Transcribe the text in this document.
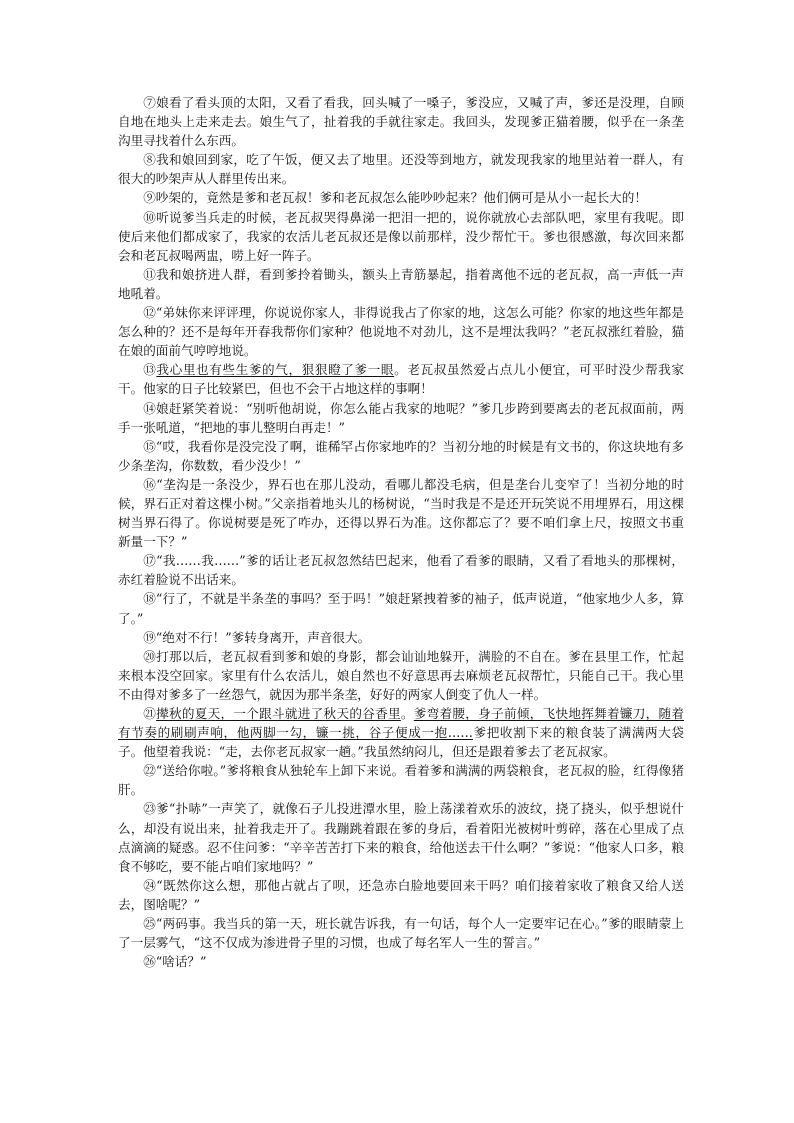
⑦娘看了看头顶的太阳，又看了看我，回头喊了一嗓子，爹没应，又喊了声，爹还是没理，自顾自地在地头上走来走去。娘生气了，扯着我的手就往家走。我回头，发现爹正猫着腰，似乎在一条垄沟里寻找着什么东西。

⑧我和娘回到家，吃了午饭，便又去了地里。还没等到地方，就发现我家的地里站着一群人，有很大的吵架声从人群里传出来。

⑨吵架的，竟然是爹和老瓦叔！爹和老瓦叔怎么能吵吵起来？他们俩可是从小一起长大的！

⑩听说爹当兵走的时候，老瓦叔哭得鼻涕一把泪一把的，说你就放心去部队吧，家里有我呢。即使后来他们都成家了，我家的农活儿老瓦叔还是像以前那样，没少帮忙干。爹也很感激，每次回来都会和老瓦叔喝两盅，唠上好一阵子。

⑪我和娘挤进人群，看到爹拎着锄头，额头上青筋暴起，指着离他不远的老瓦叔，高一声低一声地吼着。

⑫“弟妹你来评评理，你说说你家人，非得说我占了你家的地，这怎么可能？你家的地这些年都是怎么种的？还不是每年开春我帮你们家种？他说地不对劲儿，这不是埋汰我吗？”老瓦叔涨红着脸，猫在娘的面前气哼哼地说。

⑬我心里也有些生爹的气，狠狠瞪了爹一眼。老瓦叔虽然爱占点儿小便宜，可平时没少帮我家干。他家的日子比较紧巴，但也不会干占地这样的事啊！

⑭娘赶紧笑着说：“别听他胡说，你怎么能占我家的地呢？”爹几步跨到要离去的老瓦叔面前，两手一张吼道，“把地的事儿整明白再走！”

⑮“哎，我看你是没完没了啊，谁稀罕占你家地咋的？当初分地的时候是有文书的，你这块地有多少条垄沟，你数数，看少没少！”

⑯“垄沟是一条没少，界石也在那儿没动，看哪儿都没毛病，但是垄台儿变窄了！当初分地的时候，界石正对着这棵小树。”父亲指着地头儿的杨树说，“当时我是不是还开玩笑说不用埋界石，用这棵树当界石得了。你说树要是死了咋办，还得以界石为准。这你都忘了？要不咱们拿上尺，按照文书重新量一下？”

⑰“我……我……”爹的话让老瓦叔忽然结巴起来，他看了看爹的眼睛，又看了看地头的那棵树，赤红着脸说不出话来。

⑱“行了，不就是半条垄的事吗？至于吗！”娘赶紧拽着爹的袖子，低声说道，“他家地少人多，算了。”

⑲“绝对不行！”爹转身离开，声音很大。

⑳打那以后，老瓦叔看到爹和娘的身影，都会讪讪地躲开，满脸的不自在。爹在县里工作，忙起来根本没空回家。家里有什么农活儿，娘自然也不好意思再去麻烦老瓦叔帮忙，只能自己干。我心里不由得对爹多了一丝怨气，就因为那半条垄，好好的两家人倒变了仇人一样。

㉑撵秋的夏天，一个跟斗就进了秋天的谷香里。爹弯着腰，身子前倾，飞快地挥舞着镰刀，随着有节奏的刷刷声响，他两脚一勾，镰一挑，谷子便成一抱……爹把收割下来的粮食装了满满两大袋子。他望着我说：“走，去你老瓦叔家一趟。”我虽然纳闷儿，但还是跟着爹去了老瓦叔家。

㉒“送给你啦。”爹将粮食从独轮车上卸下来说。看着爹和满满的两袋粮食，老瓦叔的脸，红得像猪肝。

㉓爹“扑哧”一声笑了，就像石子儿投进潭水里，脸上荡漾着欢乐的波纹，挠了挠头，似乎想说什么，却没有说出来，扯着我走开了。我蹦跳着跟在爹的身后，看着阳光被树叶剪碎，落在心里成了点点滴滴的疑惑。忍不住问爹：“辛辛苦苦打下来的粮食，给他送去干什么啊？”爹说：“他家人口多，粮食不够吃，要不能占咱们家地吗？”

㉔“既然你这么想，那他占就占了呗，还急赤白脸地要回来干吗？咱们接着家收了粮食又给人送去，图啥呢？”

㉕“两码事。我当兵的第一天，班长就告诉我，有一句话，每个人一定要牢记在心。”爹的眼睛蒙上了一层雾气，“这不仅成为渗进骨子里的习惯，也成了每名军人一生的誓言。”

㉖“啥话？”
